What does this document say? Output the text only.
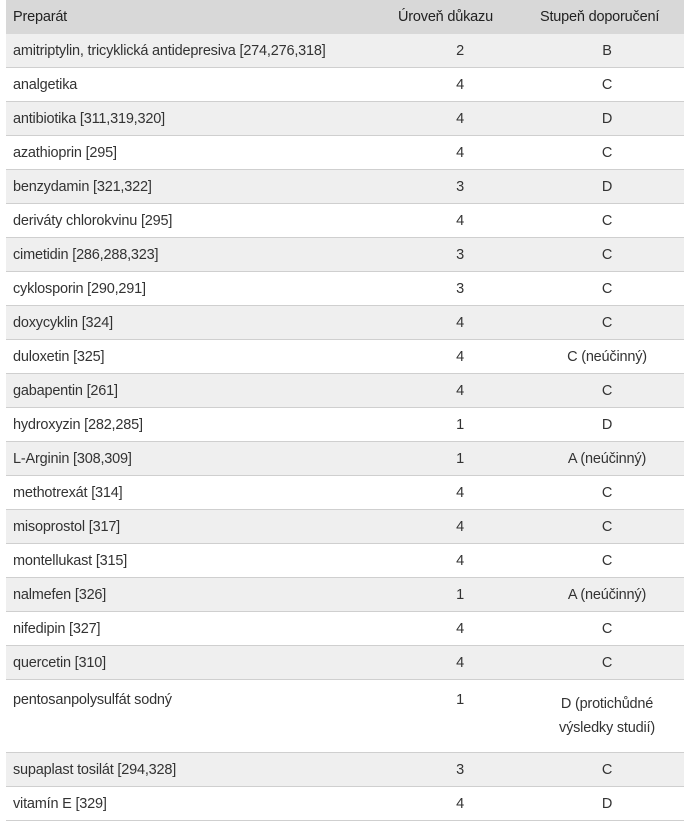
Preparát	Úroveň důkazu	Stupeň doporučení
amitriptylin, tricyklická antidepresiva [274,276,318]	2	B
analgetika	4	C
antibiotika [311,319,320]	4	D
azathioprin [295]	4	C
benzydamin [321,322]	3	D
deriváty chlorokvinu [295]	4	C
cimetidin [286,288,323]	3	C
cyklosporin [290,291]	3	C
doxycyklin [324]	4	C
duloxetin [325]	4	C (neúčinný)
gabapentin [261]	4	C
hydroxyzin [282,285]	1	D
L-Arginin [308,309]	1	A (neúčinný)
methotrexát [314]	4	C
misoprostol [317]	4	C
montellukast [315]	4	C
nalmefen [326]	1	A (neúčinný)
nifedipin [327]	4	C
quercetin [310]	4	C
pentosanpolysulfát sodný	1	D (protichůdné
výsledky studií)

supaplast tosilát [294,328]	3	C
vitamín E [329]	4	D
